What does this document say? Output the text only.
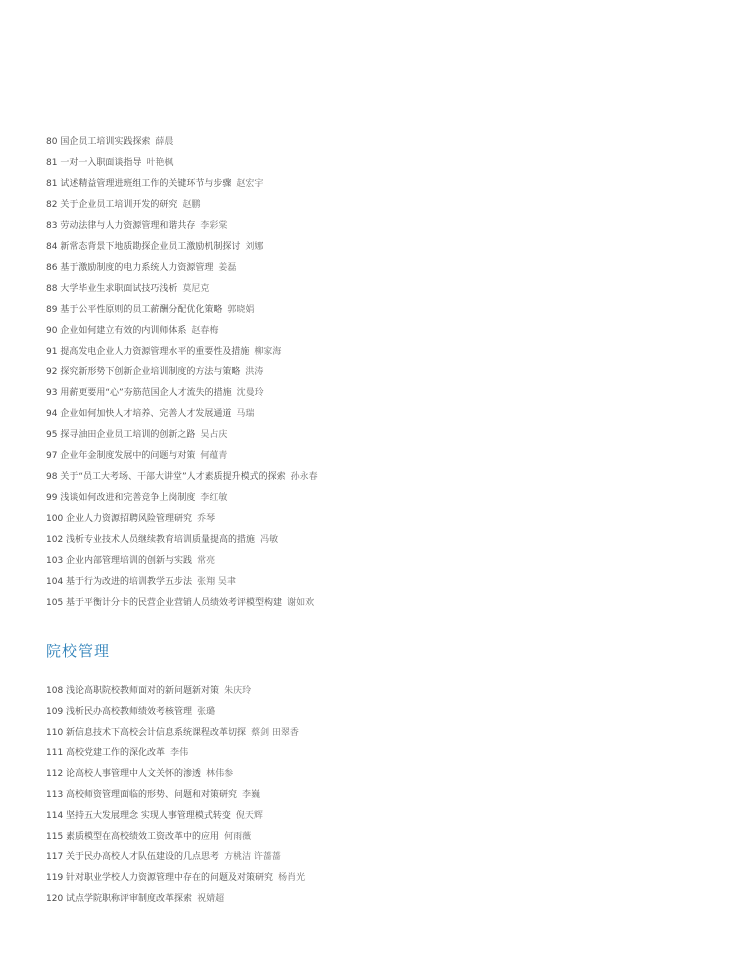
80 国企员工培训实践探索 薛晨
81 一对一入职面谈指导 叶艳枫
81 试述精益管理进班组工作的关键环节与步骤 赵宏宇
82 关于企业员工培训开发的研究 赵鹏
83 劳动法律与人力资源管理和谐共存 李彩棠
84 新常态背景下地质勘探企业员工激励机制探讨 刘娜
86 基于激励制度的电力系统人力资源管理 姜磊
88 大学毕业生求职面试技巧浅析 莫尼克
89 基于公平性原则的员工薪酬分配优化策略 郭晓娟
90 企业如何建立有效的内训师体系 赵春梅
91 提高发电企业人力资源管理水平的重要性及措施 柳家海
92 探究新形势下创新企业培训制度的方法与策略 洪涛
93 用薪更要用“心”夯筋范国企人才流失的措施 沈曼玲
94 企业如何加快人才培养、完善人才发展通道 马瑞
95 探寻油田企业员工培训的创新之路 吴占庆
97 企业年金制度发展中的问题与对策 何蕴青
98 关于“员工大考场、干部大讲堂”人才素质提升模式的探索 孙永春
99 浅谈如何改进和完善竞争上岗制度 李红敏
100 企业人力资源招聘风险管理研究 乔琴
102 浅析专业技术人员继续教育培训质量提高的措施 冯敏
103 企业内部管理培训的创新与实践 常亮
104 基于行为改进的培训教学五步法 张翔 吴聿
105 基于平衡计分卡的民营企业营销人员绩效考评模型构建 谢如欢
院校管理
108 浅论高职院校教师面对的新问题新对策 朱庆玲
109 浅析民办高校教师绩效考核管理 张璐
110 新信息技术下高校会计信息系统课程改革切探 蔡剑 田翠香
111 高校党建工作的深化改革 李伟
112 论高校人事管理中人文关怀的渗透 林伟参
113 高校师资管理面临的形势、问题和对策研究 李巍
114 坚持五大发展理念 实现人事管理模式转变 倪天辉
115 素质模型在高校绩效工资改革中的应用 何雨薇
117 关于民办高校人才队伍建设的几点思考 方桃洁 许蔷蔷
119 针对职业学校人力资源管理中存在的问题及对策研究 杨肖光
120 试点学院职称评审制度改革探索 祝婧超
